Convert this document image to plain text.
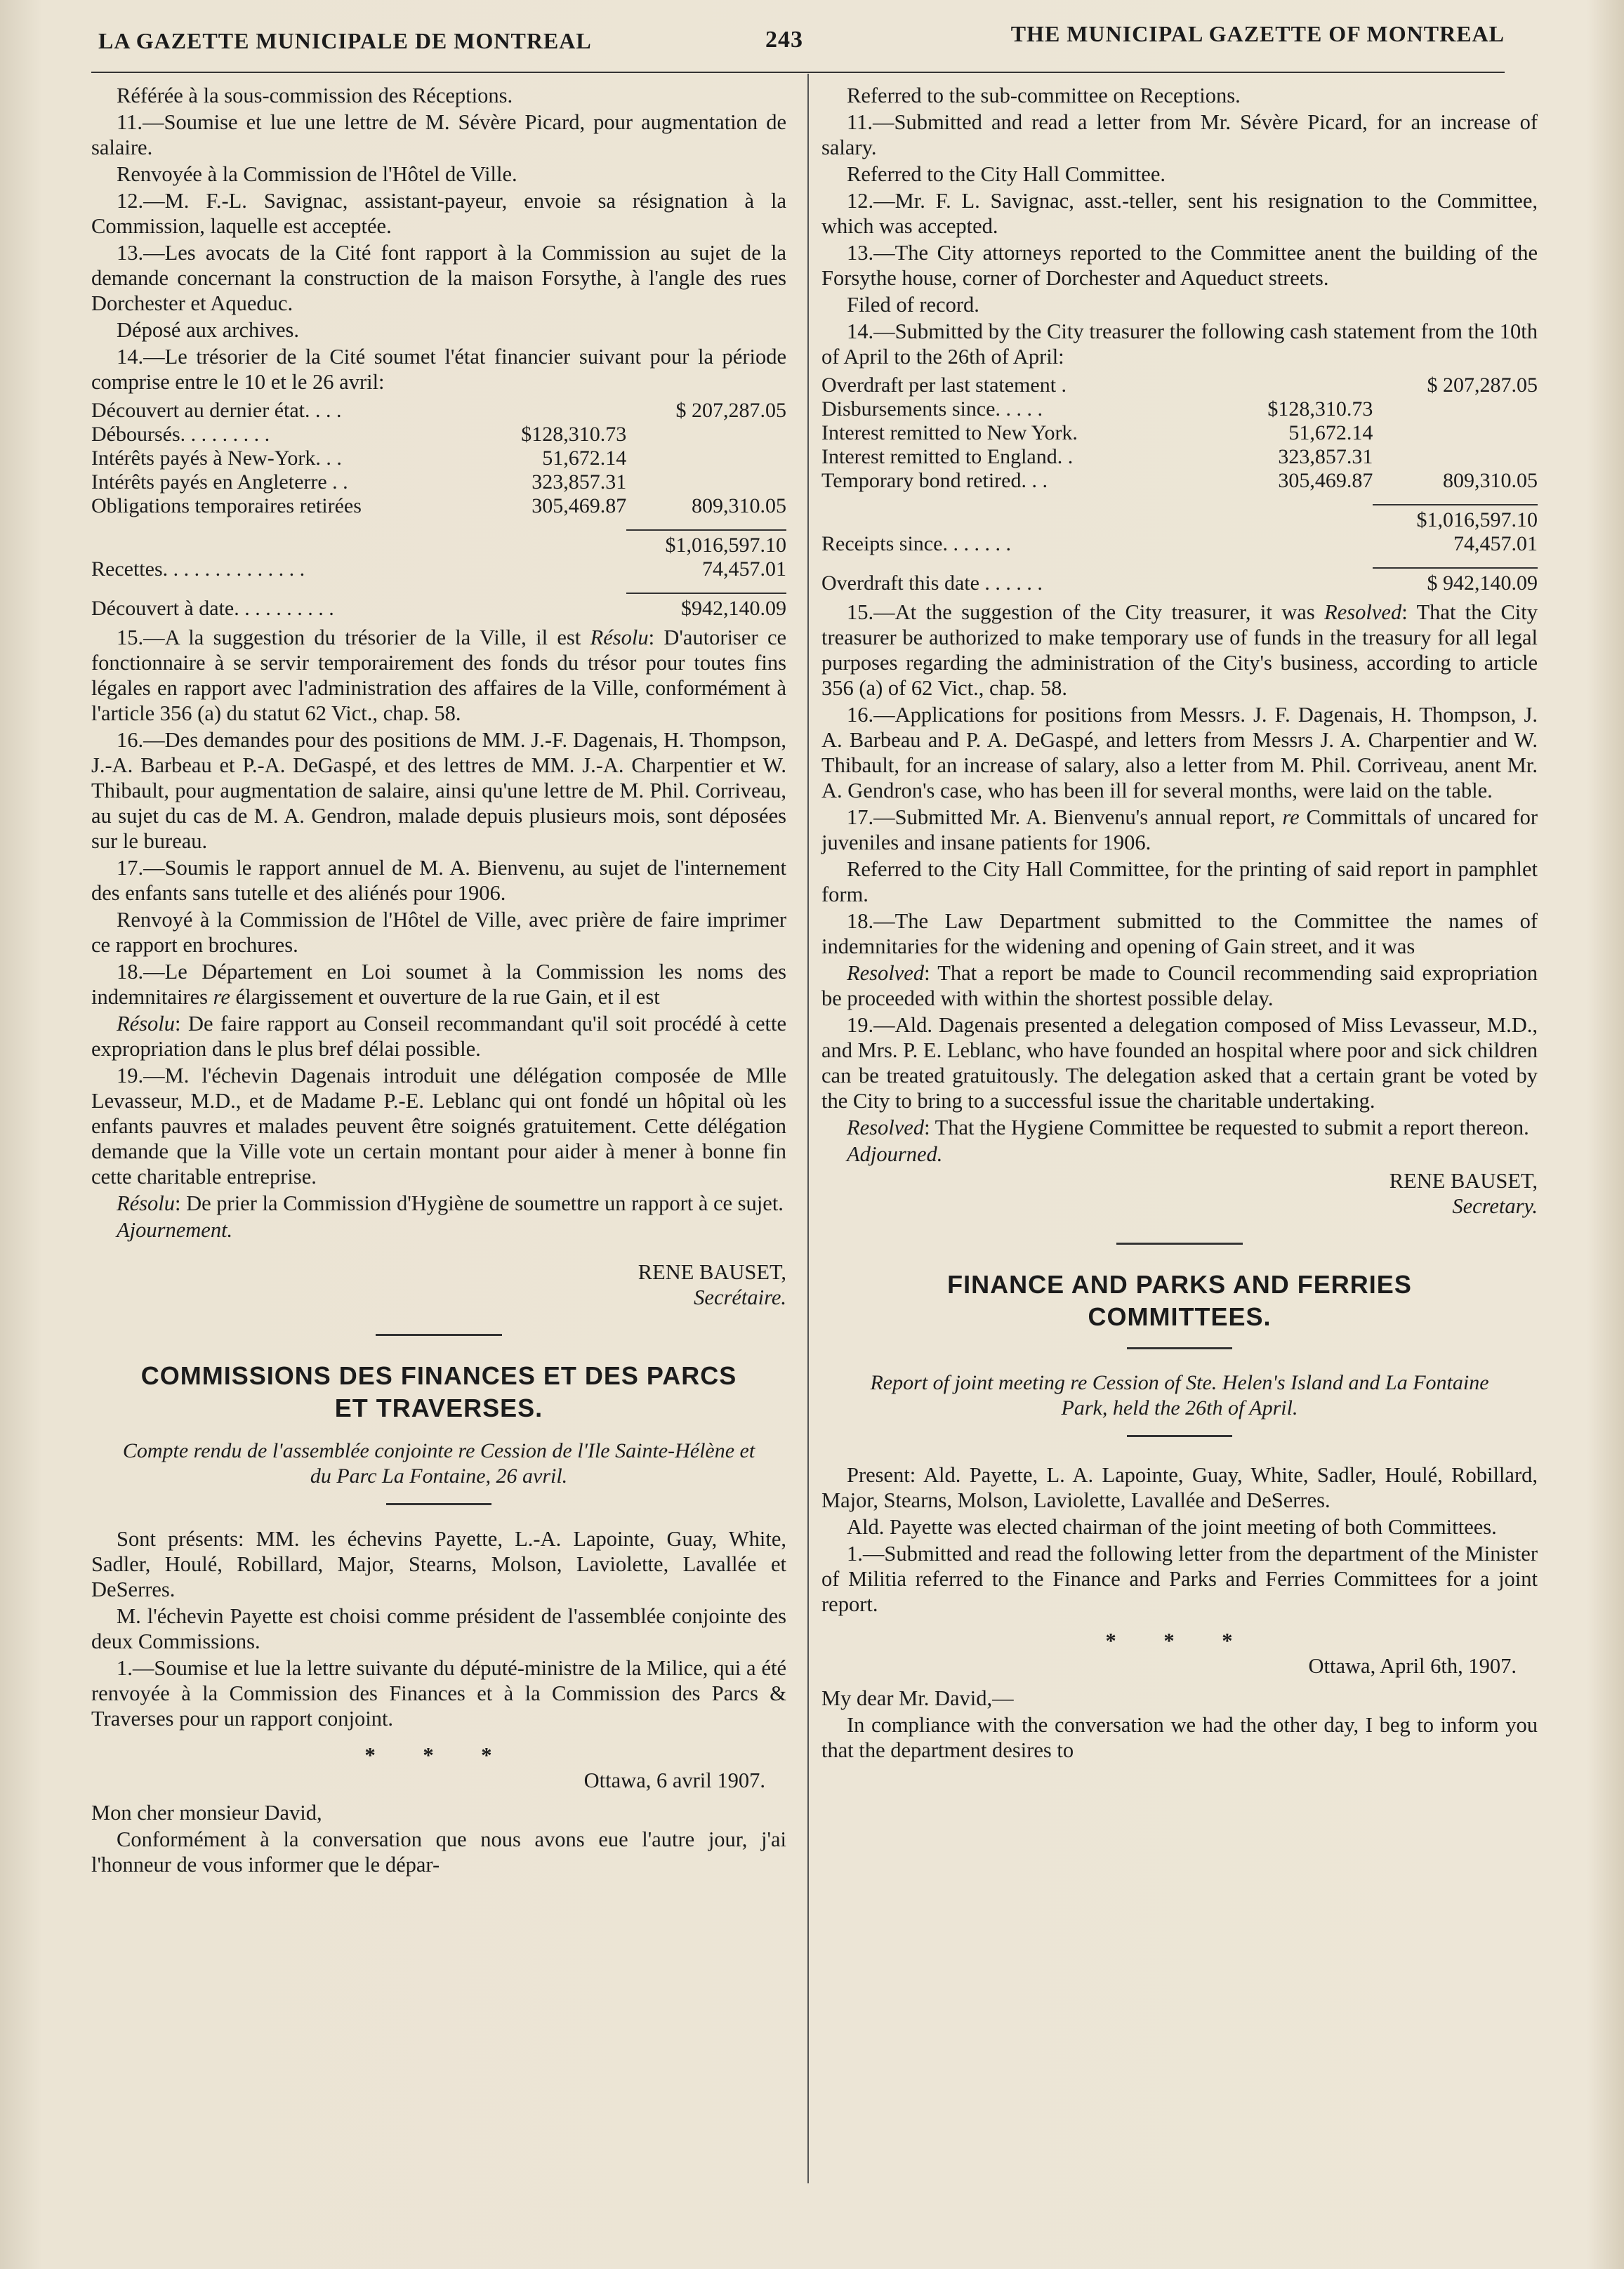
LA GAZETTE MUNICIPALE DE MONTREAL	243	THE MUNICIPAL GAZETTE OF MONTREAL

Référée à la sous-commission des Réceptions.

11.—Soumise et lue une lettre de M. Sévère Picard, pour augmentation de salaire.

Renvoyée à la Commission de l'Hôtel de Ville.

12.—M. F.-L. Savignac, assistant-payeur, envoie sa résignation à la Commission, laquelle est acceptée.

13.—Les avocats de la Cité font rapport à la Commission au sujet de la demande concernant la construction de la maison Forsythe, à l'angle des rues Dorchester et Aqueduc.

Déposé aux archives.

14.—Le trésorier de la Cité soumet l'état financier suivant pour la période comprise entre le 10 et le 26 avril:

Découvert au dernier état. . . .		$ 207,287.05
Déboursés. . . . . . . . .	$128,310.73	
Intérêts payés à New-York. . .	51,672.14	
Intérêts payés en Angleterre . .	323,857.31	
Obligations temporaires retirées	305,469.87	809,310.05

		$1,016,597.10
Recettes. . . . . . . . . . . . . .		74,457.01

Découvert à date. . . . . . . . . .		$942,140.09

15.—A la suggestion du trésorier de la Ville, il est Résolu: D'autoriser ce fonctionnaire à se servir temporairement des fonds du trésor pour toutes fins légales en rapport avec l'administration des affaires de la Ville, conformément à l'article 356 (a) du statut 62 Vict., chap. 58.

16.—Des demandes pour des positions de MM. J.-F. Dagenais, H. Thompson, J.-A. Barbeau et P.-A. DeGaspé, et des lettres de MM. J.-A. Charpentier et W. Thibault, pour augmentation de salaire, ainsi qu'une lettre de M. Phil. Corriveau, au sujet du cas de M. A. Gendron, malade depuis plusieurs mois, sont déposées sur le bureau.

17.—Soumis le rapport annuel de M. A. Bienvenu, au sujet de l'internement des enfants sans tutelle et des aliénés pour 1906.

Renvoyé à la Commission de l'Hôtel de Ville, avec prière de faire imprimer ce rapport en brochures.

18.—Le Département en Loi soumet à la Commission les noms des indemnitaires re élargissement et ouverture de la rue Gain, et il est

Résolu: De faire rapport au Conseil recommandant qu'il soit procédé à cette expropriation dans le plus bref délai possible.

19.—M. l'échevin Dagenais introduit une délégation composée de Mlle Levasseur, M.D., et de Madame P.-E. Leblanc qui ont fondé un hôpital où les enfants pauvres et malades peuvent être soignés gratuitement. Cette délégation demande que la Ville vote un certain montant pour aider à mener à bonne fin cette charitable entreprise.

Résolu: De prier la Commission d'Hygiène de soumettre un rapport à ce sujet.

Ajournement.

RENE BAUSET,

Secrétaire.

COMMISSIONS DES FINANCES ET DES PARCS
ET TRAVERSES.

Compte rendu de l'assemblée conjointe re Cession de l'Ile Sainte-Hélène et du Parc La Fontaine, 26 avril.

Sont présents: MM. les échevins Payette, L.-A. Lapointe, Guay, White, Sadler, Houlé, Robillard, Major, Stearns, Molson, Laviolette, Lavallée et DeSerres.

M. l'échevin Payette est choisi comme président de l'assemblée conjointe des deux Commissions.

1.—Soumise et lue la lettre suivante du député-ministre de la Milice, qui a été renvoyée à la Commission des Finances et à la Commission des Parcs & Traverses pour un rapport conjoint.

* * *

Ottawa, 6 avril 1907.

Mon cher monsieur David,

Conformément à la conversation que nous avons eue l'autre jour, j'ai l'honneur de vous informer que le dépar-

Referred to the sub-committee on Receptions.

11.—Submitted and read a letter from Mr. Sévère Picard, for an increase of salary.

Referred to the City Hall Committee.

12.—Mr. F. L. Savignac, asst.-teller, sent his resignation to the Committee, which was accepted.

13.—The City attorneys reported to the Committee anent the building of the Forsythe house, corner of Dorchester and Aqueduct streets.

Filed of record.

14.—Submitted by the City treasurer the following cash statement from the 10th of April to the 26th of April:

Overdraft per last statement .		$ 207,287.05
Disbursements since. . . . .	$128,310.73	
Interest remitted to New York.	51,672.14	
Interest remitted to England. .	323,857.31	
Temporary bond retired. . .	305,469.87	809,310.05

		$1,016,597.10
Receipts since. . . . . . .		74,457.01

Overdraft this date . . . . . .		$ 942,140.09

15.—At the suggestion of the City treasurer, it was Resolved: That the City treasurer be authorized to make temporary use of funds in the treasury for all legal purposes regarding the administration of the City's business, according to article 356 (a) of 62 Vict., chap. 58.

16.—Applications for positions from Messrs. J. F. Dagenais, H. Thompson, J. A. Barbeau and P. A. DeGaspé, and letters from Messrs J. A. Charpentier and W. Thibault, for an increase of salary, also a letter from M. Phil. Corriveau, anent Mr. A. Gendron's case, who has been ill for several months, were laid on the table.

17.—Submitted Mr. A. Bienvenu's annual report, re Committals of uncared for juveniles and insane patients for 1906.

Referred to the City Hall Committee, for the printing of said report in pamphlet form.

18.—The Law Department submitted to the Committee the names of indemnitaries for the widening and opening of Gain street, and it was

Resolved: That a report be made to Council recommending said expropriation be proceeded with within the shortest possible delay.

19.—Ald. Dagenais presented a delegation composed of Miss Levasseur, M.D., and Mrs. P. E. Leblanc, who have founded an hospital where poor and sick children can be treated gratuitously. The delegation asked that a certain grant be voted by the City to bring to a successful issue the charitable undertaking.

Resolved: That the Hygiene Committee be requested to submit a report thereon.

Adjourned.

RENE BAUSET,

Secretary.

FINANCE AND PARKS AND FERRIES
COMMITTEES.

Report of joint meeting re Cession of Ste. Helen's Island and La Fontaine Park, held the 26th of April.

Present: Ald. Payette, L. A. Lapointe, Guay, White, Sadler, Houlé, Robillard, Major, Stearns, Molson, Laviolette, Lavallée and DeSerres.

Ald. Payette was elected chairman of the joint meeting of both Committees.

1.—Submitted and read the following letter from the department of the Minister of Militia referred to the Finance and Parks and Ferries Committees for a joint report.

* * *

Ottawa, April 6th, 1907.

My dear Mr. David,—

In compliance with the conversation we had the other day, I beg to inform you that the department desires to
